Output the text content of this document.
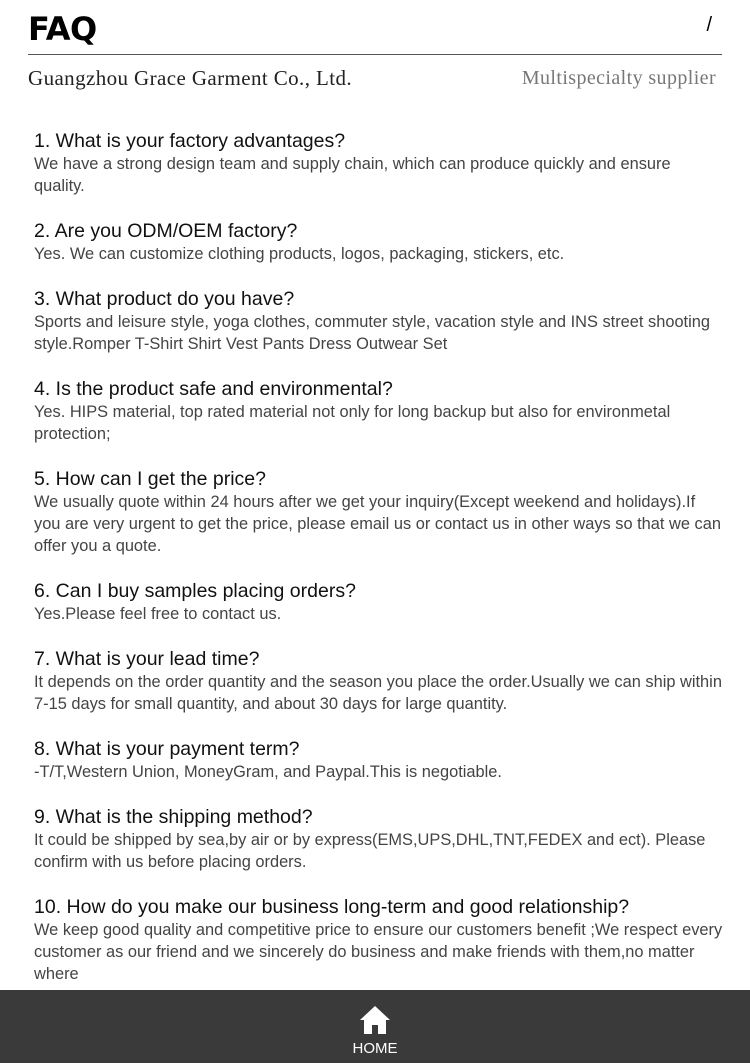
FAQ	/
Guangzhou Grace Garment Co., Ltd.	Multispecialty supplier

1. What is your factory advantages?

We have a strong design team and supply chain, which can produce quickly and ensure quality.

2. Are you ODM/OEM factory?

Yes. We can customize clothing products, logos, packaging, stickers, etc.

3. What product do you have?

Sports and leisure style, yoga clothes, commuter style, vacation style and INS street shooting style.Romper T-Shirt Shirt Vest Pants Dress Outwear Set

4. Is the product safe and environmental?

Yes. HIPS material, top rated material not only for long backup but also for environmetal protection;

5. How can I get the price?

We usually quote within 24 hours after we get your inquiry(Except weekend and holidays).If you are very urgent to get the price, please email us or contact us in other ways so that we can offer you a quote.

6. Can I buy samples placing orders?

Yes.Please feel free to contact us.

7. What is your lead time?

It depends on the order quantity and the season you place the order.Usually we can ship within 7-15 days for small quantity, and about 30 days for large quantity.

8. What is your payment term?

-T/T,Western Union, MoneyGram, and Paypal.This is negotiable.

9. What is the shipping method?

It could be shipped by sea,by air or by express(EMS,UPS,DHL,TNT,FEDEX and ect). Please confirm with us before placing orders.

10. How do you make our business long-term and good relationship?

We keep good quality and competitive price to ensure our customers benefit ;We respect every customer as our friend and we sincerely do business and make friends with them,no matter where

HOME
